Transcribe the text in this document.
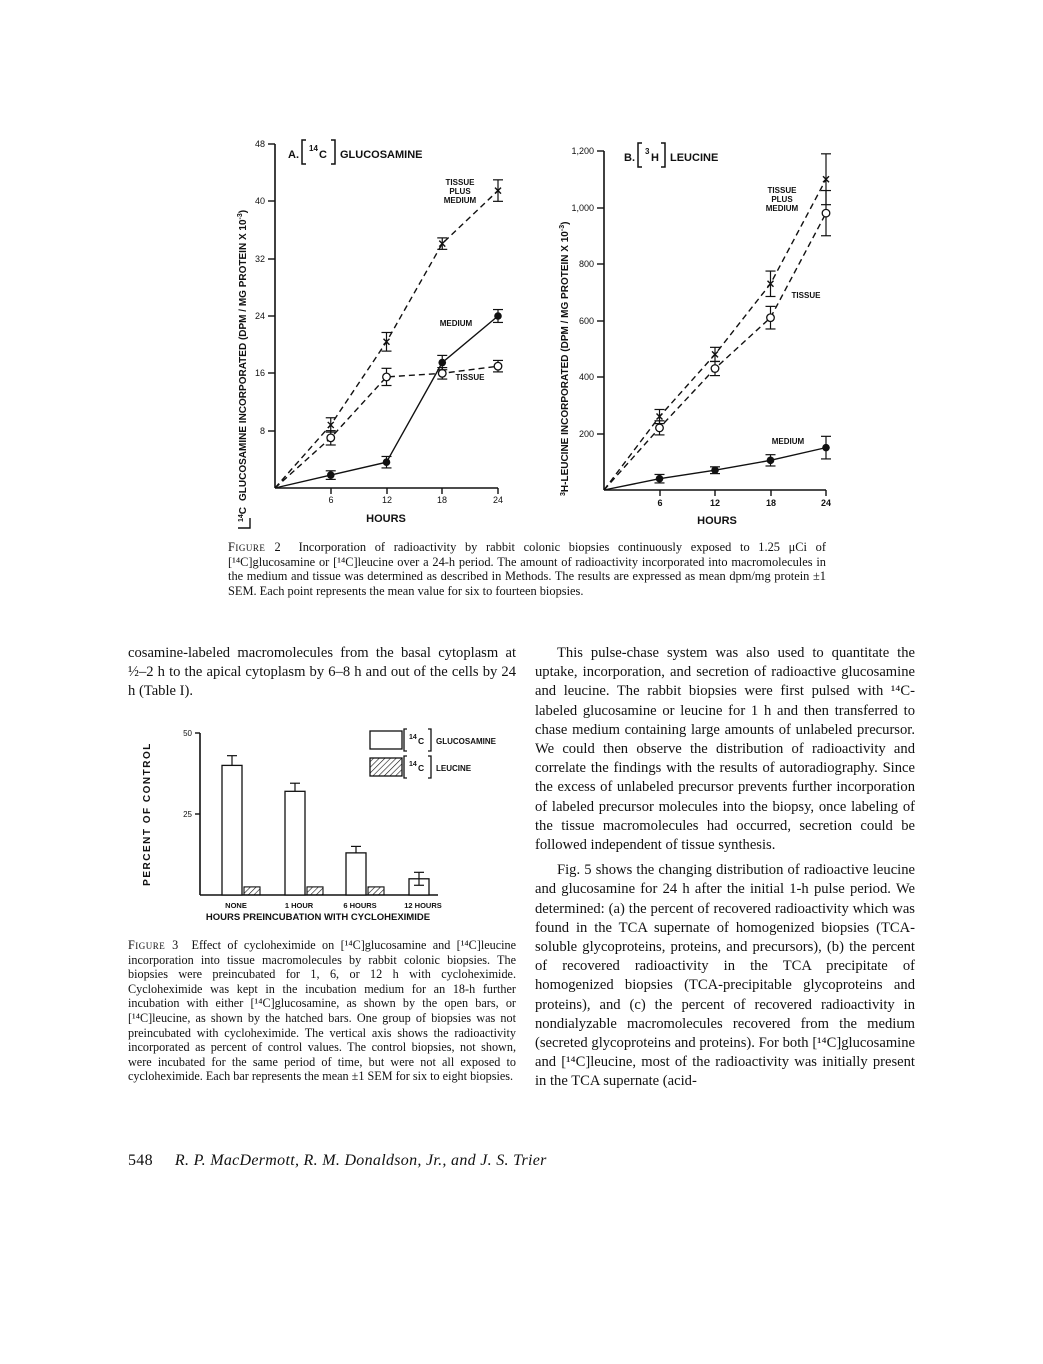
48
40
32
24
16
8
6	12	18	24
HOURS
A.
14
C GLUCOSAMINE
$^{14}$CGLUCOSAMINE INCORPORATED (DPM / MG PROTEIN X $10^{-3}$)
TISSUE
PLUS
MEDIUM
MEDIUM
TISSUE
1,200
1,000
800
600
400
200
6	12	18	24
HOURS
B.
3
H LEUCINE
$^3$H-LEUCINE INCORPORATED (DPM / MG PROTEIN X $10^{-3}$)
TISSUE
PLUS
MEDIUM
TISSUE
MEDIUM

Figure 2 Incorporation of radioactivity by rabbit colonic biopsies continuously exposed to 1.25 μCi of [¹⁴C]glucosamine or [¹⁴C]leucine over a 24-h period. The amount of radioactivity incorporated into macromolecules in the medium and tissue was determined as described in Methods. The results are expressed as mean dpm/mg protein ±1 SEM. Each point represents the mean value for six to fourteen biopsies.

cosamine-labeled macromolecules from the basal cytoplasm at ½–2 h to the apical cytoplasm by 6–8 h and out of the cells by 24 h (Table I).

50
25
PERCENT OF CONTROL
NONE	1 HOUR	6 HOURS	12 HOURS
HOURS PREINCUBATION WITH CYCLOHEXIMIDE
14 C GLUCOSAMINE
14 C LEUCINE

Figure 3 Effect of cycloheximide on [¹⁴C]glucosamine and [¹⁴C]leucine incorporation into tissue macromolecules by rabbit colonic biopsies. The biopsies were preincubated for 1, 6, or 12 h with cycloheximide. Cycloheximide was kept in the incubation medium for an 18-h further incubation with either [¹⁴C]glucosamine, as shown by the open bars, or [¹⁴C]leucine, as shown by the hatched bars. One group of biopsies was not preincubated with cycloheximide. The vertical axis shows the radioactivity incorporated as percent of control values. The control biopsies, not shown, were incubated for the same period of time, but were not all exposed to cycloheximide. Each bar represents the mean ±1 SEM for six to eight biopsies.

This pulse-chase system was also used to quantitate the uptake, incorporation, and secretion of radioactive glucosamine and leucine. The rabbit biopsies were first pulsed with ¹⁴C-labeled glucosamine or leucine for 1 h and then transferred to chase medium containing large amounts of unlabeled precursor. We could then observe the distribution of radioactivity and correlate the findings with the results of autoradiography. Since the excess of unlabeled precursor prevents further incorporation of labeled precursor molecules into the biopsy, once labeling of the tissue macromolecules had occurred, secretion could be followed independent of tissue synthesis.

Fig. 5 shows the changing distribution of radioactive leucine and glucosamine for 24 h after the initial 1-h pulse period. We determined: (a) the percent of recovered radioactivity which was found in the TCA supernate of homogenized biopsies (TCA-soluble glycoproteins, proteins, and precursors), (b) the percent of recovered radioactivity in the TCA precipitate of homogenized biopsies (TCA-precipitable glycoproteins and proteins), and (c) the percent of recovered radioactivity in nondialyzable macromolecules recovered from the medium (secreted glycoproteins and proteins). For both [¹⁴C]glucosamine and [¹⁴C]leucine, most of the radioactivity was initially present in the TCA supernate (acid-

548 R. P. MacDermott, R. M. Donaldson, Jr., and J. S. Trier
